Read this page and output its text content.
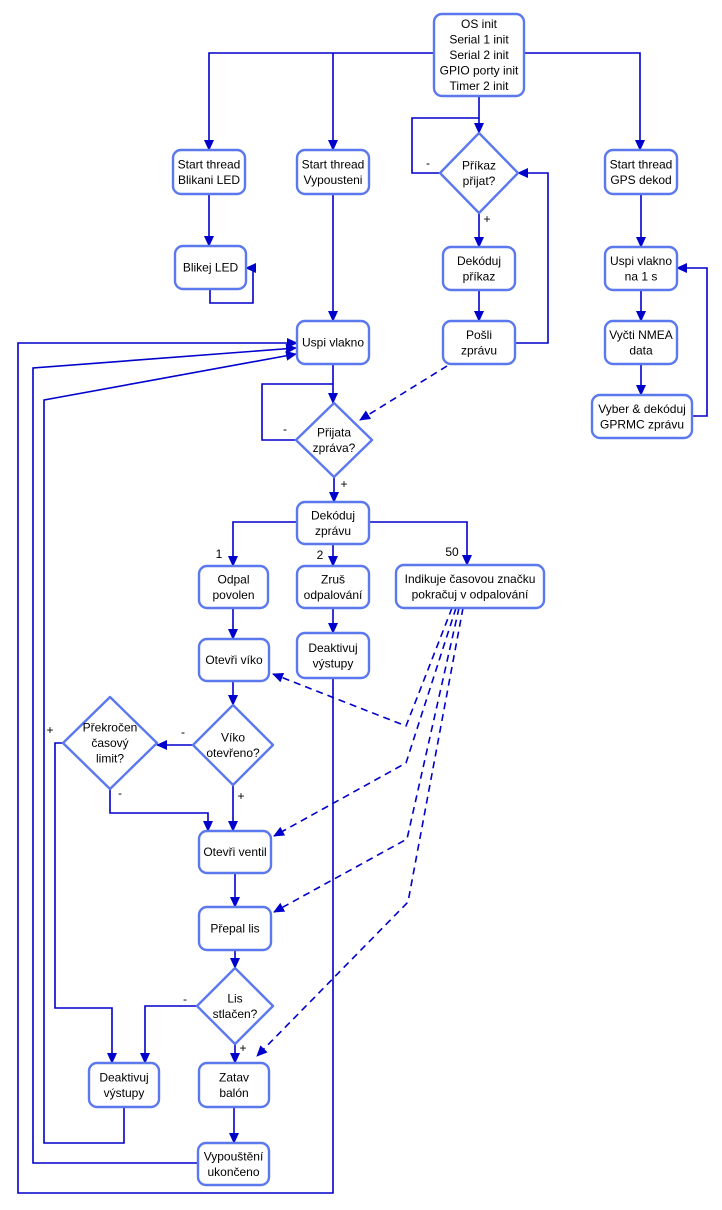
OS init
Serial 1 init
Serial 2 init
GPIO porty init
Timer 2 init
Start thread
Blikani LED
Start thread
Vypousteni
Start thread
GPS dekod
Blikej LED	Dekóduj
příkaz
Uspi vlakno
na 1 s
Uspi vlakno
Pošli
zprávu
Vyčti NMEA
data
Vyber & dekóduj
GPRMC zprávu
Příkaz
přijat?
Přijata
zpráva?
Dekóduj
zprávu
Odpal
povolen
Zruš
odpalování
Indikuje časovou značku
pokračuj v odpalování
Otevři víko
Deaktivuj
výstupy
Víko
otevřeno?
Překročen
časový
limit?
Otevři ventil
Přepal lis
Lis
stlačen?
Zatav
balón
Deaktivuj
výstupy
Vypouštění
ukončeno
-
+
-
+
1	2	50
-
+
+
-
-
+
